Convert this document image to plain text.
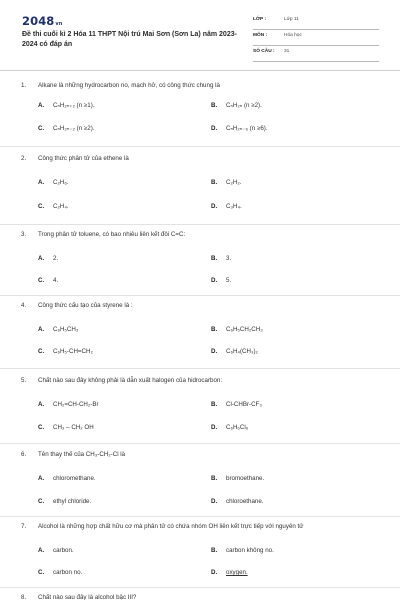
2048vn
Đề thi cuối kì 2 Hóa 11 THPT Nội trú Mai Sơn (Sơn La) năm 2023-2024 có đáp án
LỚP :	Lớp 11
MÔN :	Hóa học
SỐ CÂU : 31
1. Alkane là những hydrocarbon no, mạch hở, có công thức chung là
A. CₙH₂ₙ₊₂ (n ≥1).	B. CₙH₂ₙ (n ≥2).
C. CₙH₂ₙ₋₂ (n ≥2).	D. CₙH₂ₙ₋₆ (n ≥6).
2. Công thức phân tử của ethene là
A. C₂H₆.	B. C₂H₂.
C. C₂H₄.	D. C₃H₄.
3. Trong phân tử toluene, có bao nhiêu liên kết đôi C=C:
A. 2.	B. 3.
C. 4.	D. 5.
4. Công thức cấu tạo của styrene là :
A. C₆H₅CH₃	B. C₆H₅CH₂CH₃
C. C₆H₅-CH=CH₂	D. C₆H₄(CH₃)₂
5. Chất nào sau đây không phải là dẫn xuất halogen của hidrocarbon:
A. CH₂=CH-CH₂-Br	B. Cl-CHBr-CF₃
C. CH₃ – CH₂ OH	D. C₆H₆Cl₆
6. Tên thay thế của CH₃-CH₂-Cl là
A. chloromethane.	B. bromoethane.
C. ethyl chloride.	D. chloroethane.
7. Alcohol là những hợp chất hữu cơ mà phân tử có chứa nhóm OH liên kết trực tiếp với nguyên tử
A. carbon.	B. carbon không no.
C. carbon no.	D. oxygen.
8. Chất nào sau đây là alcohol bậc III?
